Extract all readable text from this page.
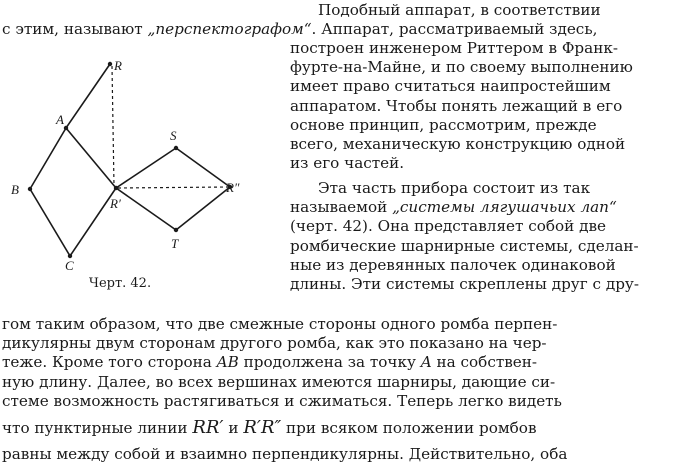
Подобный аппарат, в соответствии
с этим, называют „перспектографом“. Аппарат, рассматриваемый здесь,
построен инженером Риттером в Франк-
фурте-на-Майне, и по своему выполнению
имеет право считаться наипростейшим
аппаратом. Чтобы понять лежащий в его
основе принцип, рассмотрим, прежде
всего, механическую конструкцию одной
из его частей.
Эта часть прибора состоит из так
называемой „системы лягушачьих лап“
(черт. 42). Она представляет собой две
ромбические шарнирные системы, сделан-
ные из деревянных палочек одинаковой
длины. Эти системы скреплены друг с дру-
R
A
B
C
R′
S
R″
T
Черт. 42.
гом таким образом, что две смежные стороны одного ромба перпен-
дикулярны двум сторонам другого ромба, как это показано на чер-
теже. Кроме того сторона AB продолжена за точку A на собствен-
ную длину. Далее, во всех вершинах имеются шарниры, дающие си-
стеме возможность растягиваться и сжиматься. Теперь легко видеть
что пунктирные линии RR′ и R′R″ при всяком положении ромбов
равны между собой и взаимно перпендикулярны. Действительно, оба
